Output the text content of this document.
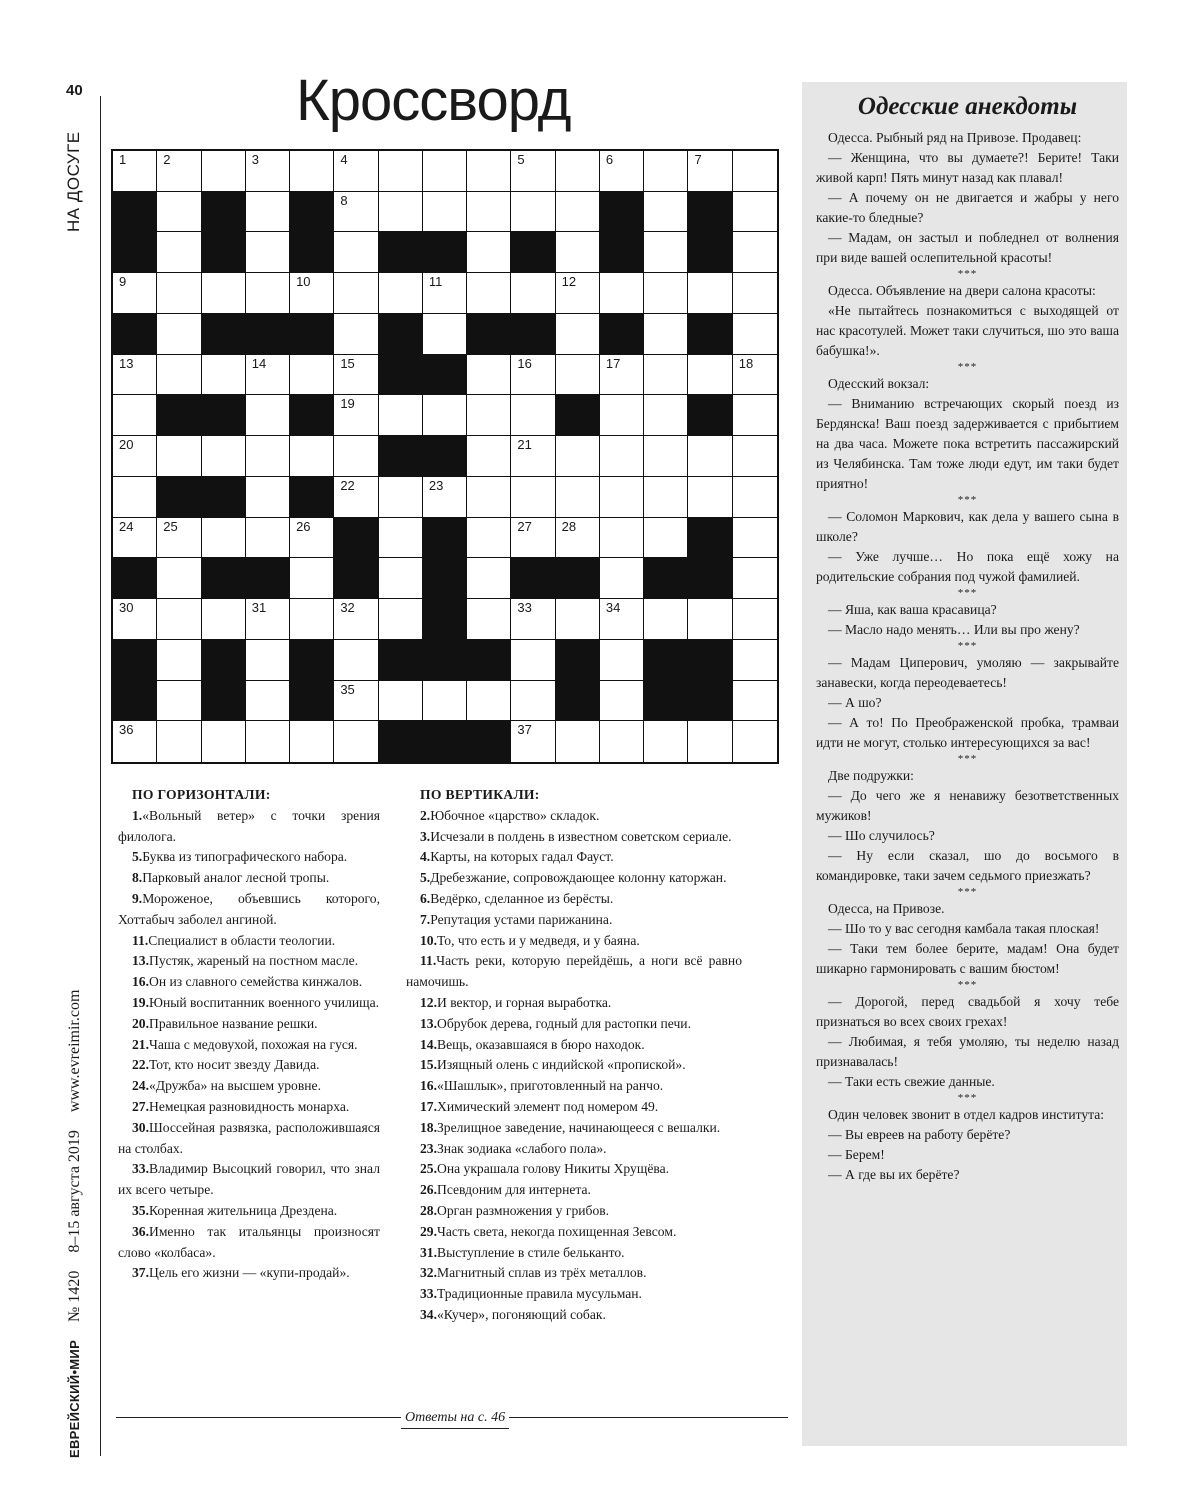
40
НА ДОСУГЕ
ЕВРЕЙСКИЙ•МИР № 1420 8–15 августа 2019 www.evreimir.com
Кроссворд
1	2	3	4	5	6	7
8
9	10	11	12
13	14	15	16	17	18
19
20	21
22	23
24 25	26	27 28
30	31	32	33	34
35
36	37
ПО ГОРИЗОНТАЛИ:

1.«Вольный ветер» с точки зрения филолога.

5.Буква из типографического набора.

8.Парковый аналог лесной тропы.

9.Мороженое, объевшись которого, Хоттабыч заболел ангиной.

11.Специалист в области теологии.

13.Пустяк, жареный на постном масле.

16.Он из славного семейства кинжалов.

19.Юный воспитанник военного училища.

20.Правильное название решки.

21.Чаша с медовухой, похожая на гуся.

22.Тот, кто носит звезду Давида.

24.«Дружба» на высшем уровне.

27.Немецкая разновидность монарха.

30.Шоссейная развязка, расположившаяся на столбах.

33.Владимир Высоцкий говорил, что знал их всего четыре.

35.Коренная жительница Дрездена.

36.Именно так итальянцы произносят слово «колбаса».

37.Цель его жизни — «купи-продай».

ПО ВЕРТИКАЛИ:

2.Юбочное «царство» складок.

3.Исчезали в полдень в известном советском сериале.

4.Карты, на которых гадал Фауст.

5.Дребезжание, сопровождающее колонну каторжан.

6.Ведёрко, сделанное из берёсты.

7.Репутация устами парижанина.

10.То, что есть и у медведя, и у баяна.

11.Часть реки, которую перейдёшь, а ноги всё равно намочишь.

12.И вектор, и горная выработка.

13.Обрубок дерева, годный для растопки печи.

14.Вещь, оказавшаяся в бюро находок.

15.Изящный олень с индийской «пропиской».

16.«Шашлык», приготовленный на ранчо.

17.Химический элемент под номером 49.

18.Зрелищное заведение, начинающееся с вешалки.

23.Знак зодиака «слабого пола».

25.Она украшала голову Никиты Хрущёва.

26.Псевдоним для интернета.

28.Орган размножения у грибов.

29.Часть света, некогда похищенная Зевсом.

31.Выступление в стиле бельканто.

32.Магнитный сплав из трёх металлов.

33.Традиционные правила мусульман.

34.«Кучер», погоняющий собак.

Ответы на с. 46
Одесские анекдоты

Одесса. Рыбный ряд на Привозе. Продавец:

— Женщина, что вы думаете?! Берите! Таки живой карп! Пять минут назад как плавал!

— А почему он не двигается и жабры у него какие-то бледные?

— Мадам, он застыл и побледнел от волнения при виде вашей ослепительной красоты!

***

Одесса. Объявление на двери салона красоты:

«Не пытайтесь познакомиться с выходящей от нас красотулей. Может таки случиться, шо это ваша бабушка!».

***

Одесский вокзал:

— Вниманию встречающих скорый поезд из Бердянска! Ваш поезд задерживается с прибытием на два часа. Можете пока встретить пассажирский из Челябинска. Там тоже люди едут, им таки будет приятно!

***

— Соломон Маркович, как дела у вашего сына в школе?

— Уже лучше… Но пока ещё хожу на родительские собрания под чужой фамилией.

***

— Яша, как ваша красавица?

— Масло надо менять… Или вы про жену?

***

— Мадам Циперович, умоляю — закрывайте занавески, когда переодеваетесь!

— А шо?

— А то! По Преображенской пробка, трамваи идти не могут, столько интересующихся за вас!

***

Две подружки:

— До чего же я ненавижу безответственных мужиков!

— Шо случилось?

— Ну если сказал, шо до восьмого в командировке, таки зачем седьмого приезжать?

***

Одесса, на Привозе.

— Шо то у вас сегодня камбала такая плоская!

— Таки тем более берите, мадам! Она будет шикарно гармонировать с вашим бюстом!

***

— Дорогой, перед свадьбой я хочу тебе признаться во всех своих грехах!

— Любимая, я тебя умоляю, ты неделю назад признавалась!

— Таки есть свежие данные.

***

Один человек звонит в отдел кадров института:

— Вы евреев на работу берёте?

— Берем!

— А где вы их берёте?
